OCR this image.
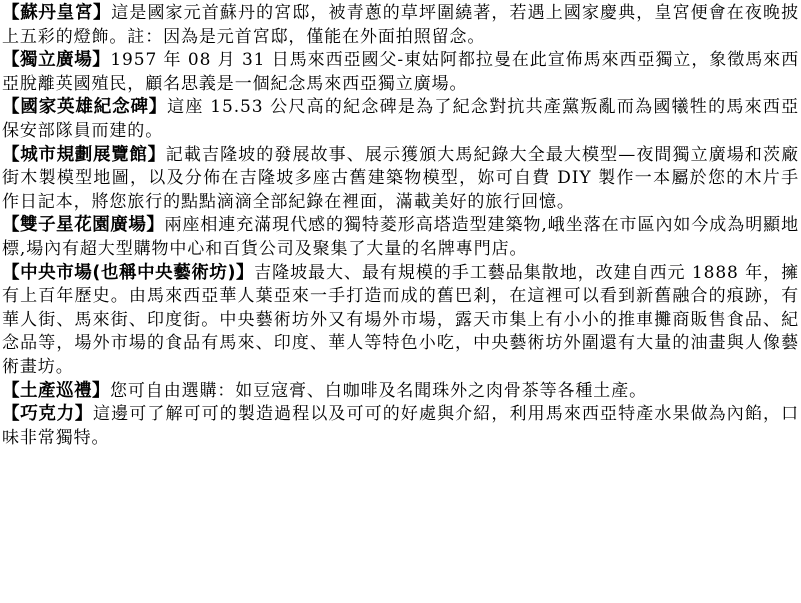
【蘇丹皇宮】這是國家元首蘇丹的宮邸，被青蔥的草坪圍繞著，若遇上國家慶典，皇宮便會在夜晚披上五彩的燈飾。註：因為是元首宮邸，僅能在外面拍照留念。

【獨立廣場】1957 年 08 月 31 日馬來西亞國父-東姑阿都拉曼在此宣佈馬來西亞獨立，象徵馬來西亞脫離英國殖民，顧名思義是一個紀念馬來西亞獨立廣場。

【國家英雄紀念碑】這座 15.53 公尺高的紀念碑是為了紀念對抗共產黨叛亂而為國犧牲的馬來西亞保安部隊員而建的。

【城市規劃展覽館】記載吉隆坡的發展故事、展示獲頒大馬紀錄大全最大模型—夜間獨立廣場和茨廠街木製模型地圖，以及分佈在吉隆坡多座古舊建築物模型，妳可自費 DIY 製作一本屬於您的木片手作日記本，將您旅行的點點滴滴全部紀錄在裡面，滿載美好的旅行回憶。

【雙子星花園廣場】兩座相連充滿現代感的獨特菱形高塔造型建築物,峨坐落在市區內如今成為明顯地標,場內有超大型購物中心和百貨公司及聚集了大量的名牌專門店。

【中央市場(也稱中央藝術坊)】吉隆坡最大、最有規模的手工藝品集散地，改建自西元 1888 年，擁有上百年歷史。由馬來西亞華人葉亞來一手打造而成的舊巴剎，在這裡可以看到新舊融合的痕跡，有華人街、馬來街、印度街。中央藝術坊外又有場外市場，露天市集上有小小的推車攤商販售食品、紀念品等，場外市場的食品有馬來、印度、華人等特色小吃，中央藝術坊外圍還有大量的油畫與人像藝術畫坊。

【土產巡禮】您可自由選購：如豆寇膏、白咖啡及名聞珠外之肉骨茶等各種土產。

【巧克力】這邊可了解可可的製造過程以及可可的好處與介紹，利用馬來西亞特產水果做為內餡，口味非常獨特。
